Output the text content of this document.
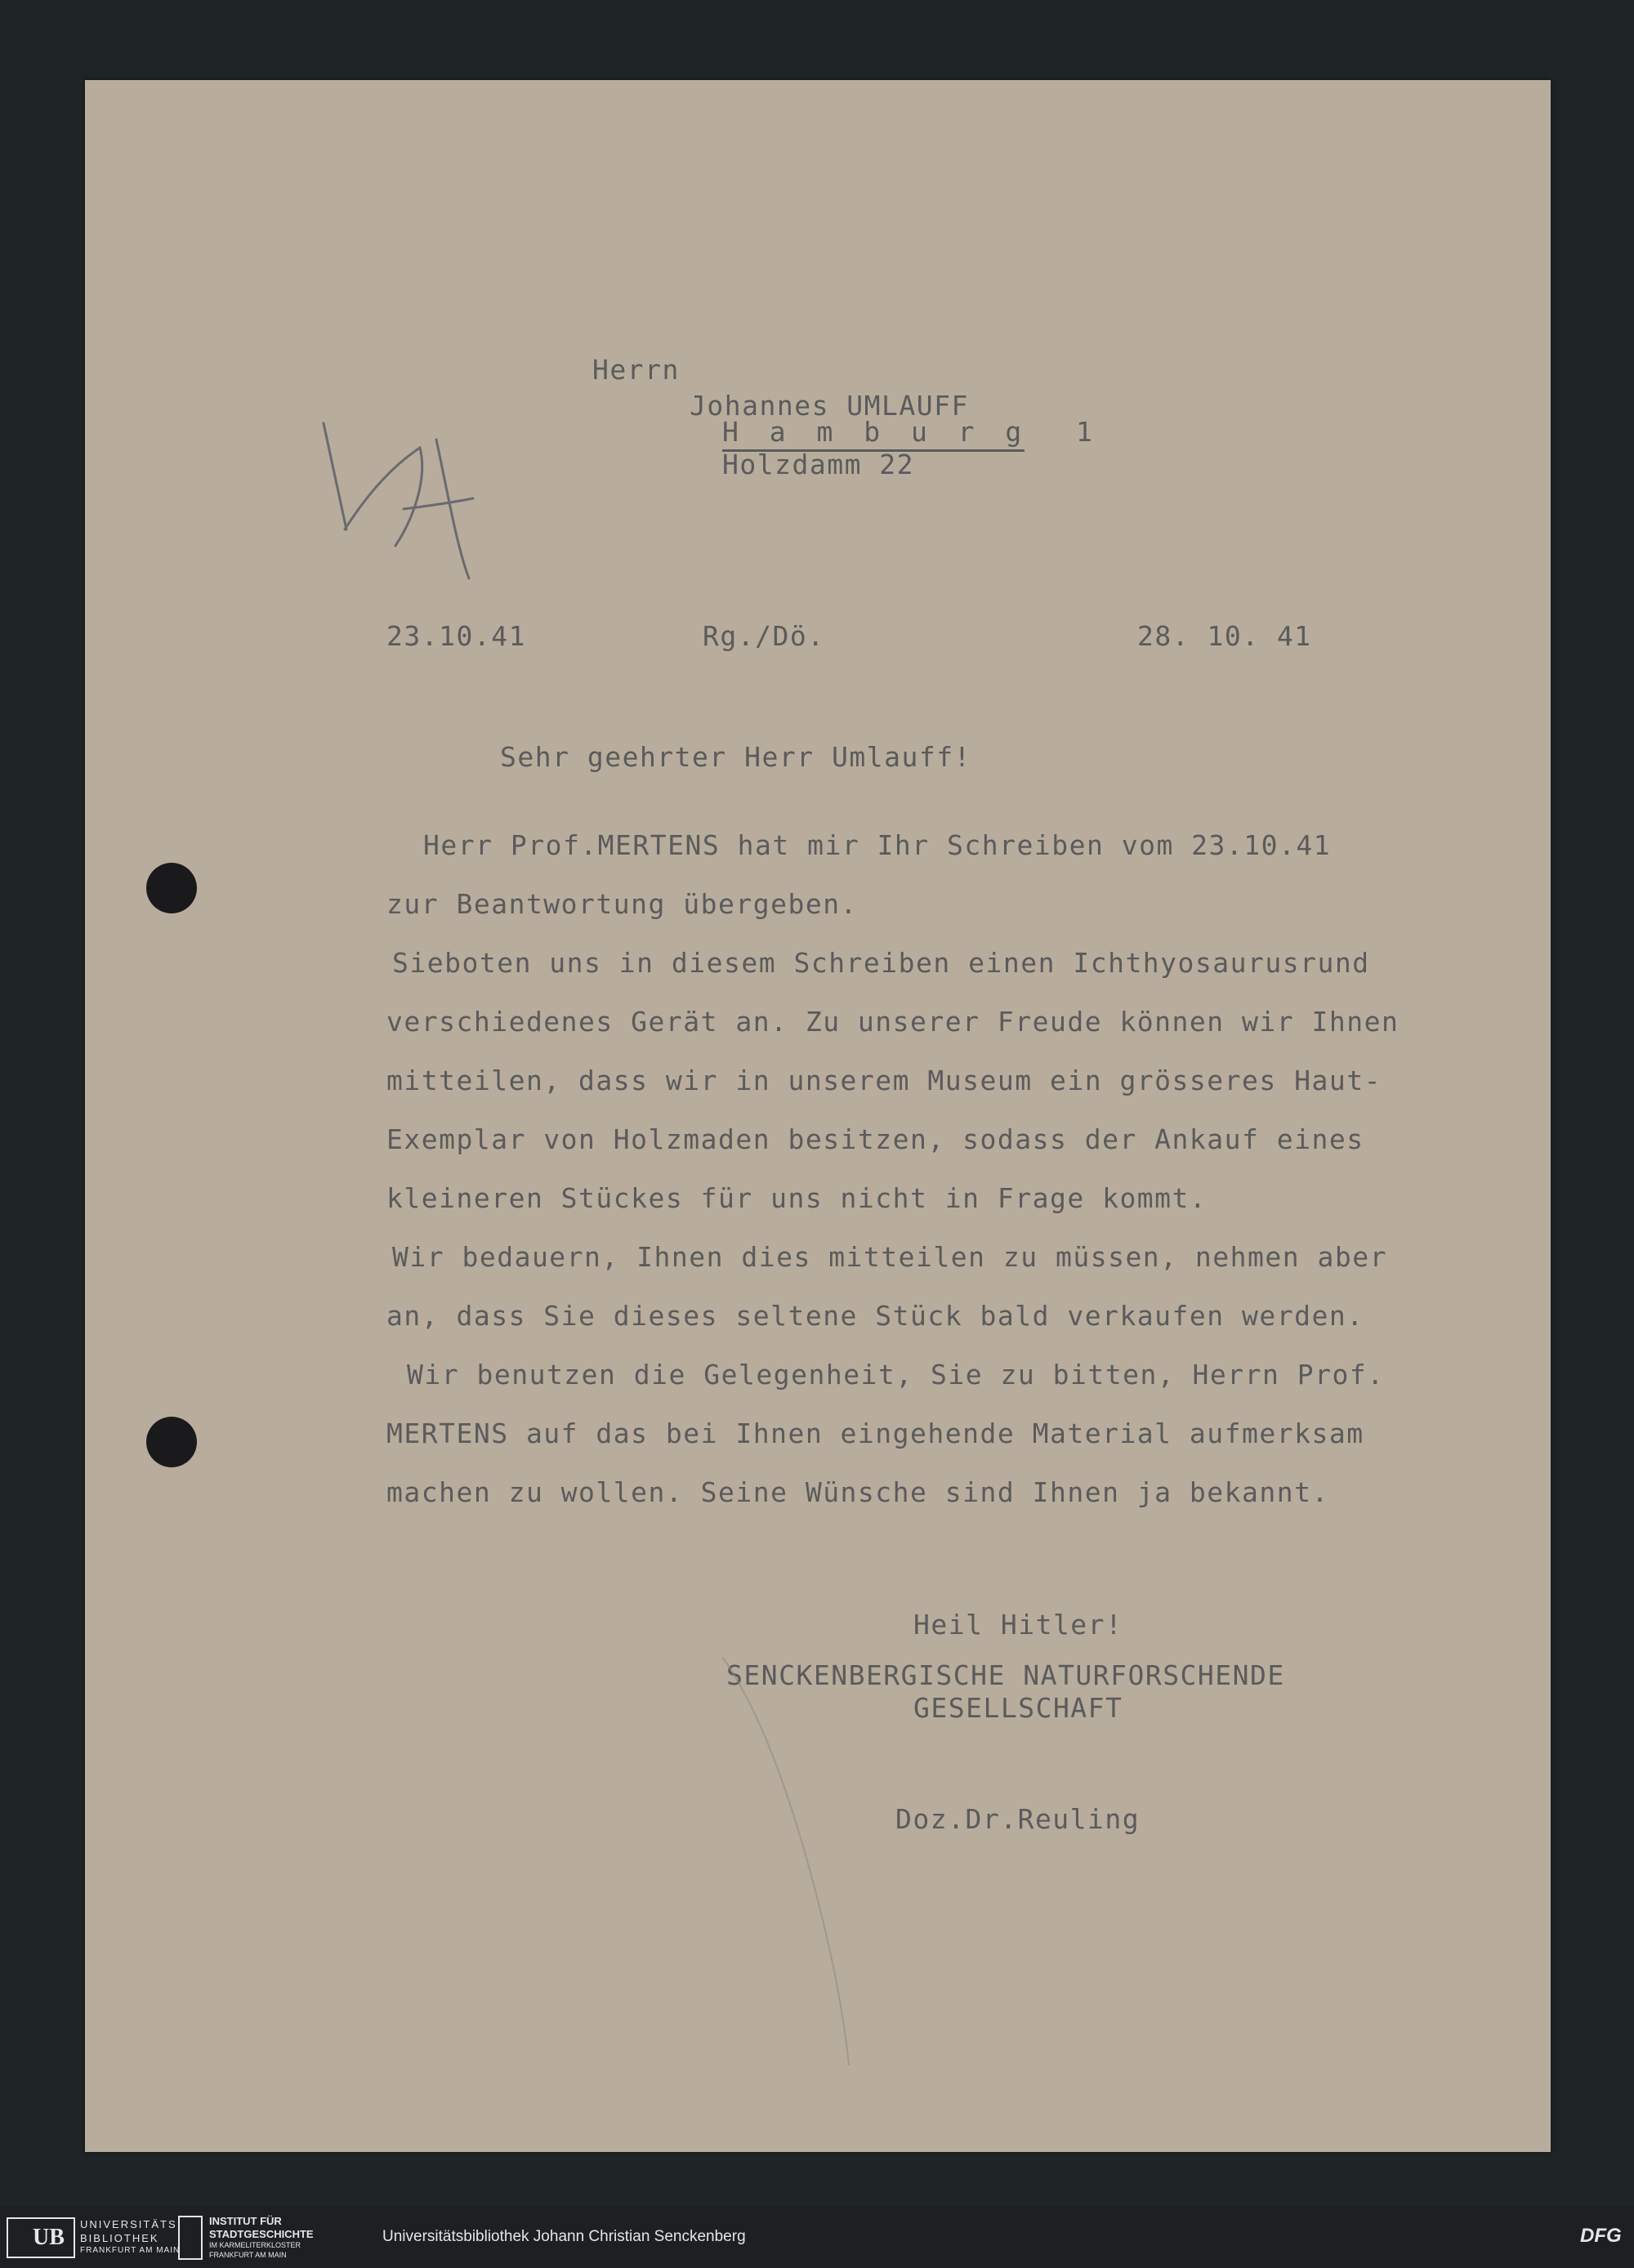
Herrn
Johannes UMLAUFF
H a m b u r g  1
Holzdamm 22
23.10.41	Rg./Dö.	28. 10. 41
Sehr geehrter Herr Umlauff!
Herr Prof.MERTENS hat mir Ihr Schreiben vom 23.10.41
zur Beantwortung übergeben.
Sieboten uns in diesem Schreiben einen Ichthyosaurusrund
verschiedenes Gerät an. Zu unserer Freude können wir Ihnen
mitteilen, dass wir in unserem Museum ein grösseres Haut-
Exemplar von Holzmaden besitzen, sodass der Ankauf eines
kleineren Stückes für uns nicht in Frage kommt.
Wir bedauern, Ihnen dies mitteilen zu müssen, nehmen aber
an, dass Sie dieses seltene Stück bald verkaufen werden.
Wir benutzen die Gelegenheit, Sie zu bitten, Herrn Prof.
MERTENS auf das bei Ihnen eingehende Material aufmerksam
machen zu wollen. Seine Wünsche sind Ihnen ja bekannt.
Heil Hitler!
SENCKENBERGISCHE NATURFORSCHENDE
GESELLSCHAFT
Doz.Dr.Reuling
UB
UNIVERSITÄTS
BIBLIOTHEK
FRANKFURT AM MAIN
INSTITUT FÜR
STADTGESCHICHTE
IM KARMELITERKLOSTER
FRANKFURT AM MAIN
Universitätsbibliothek Johann Christian Senckenberg	DFG
